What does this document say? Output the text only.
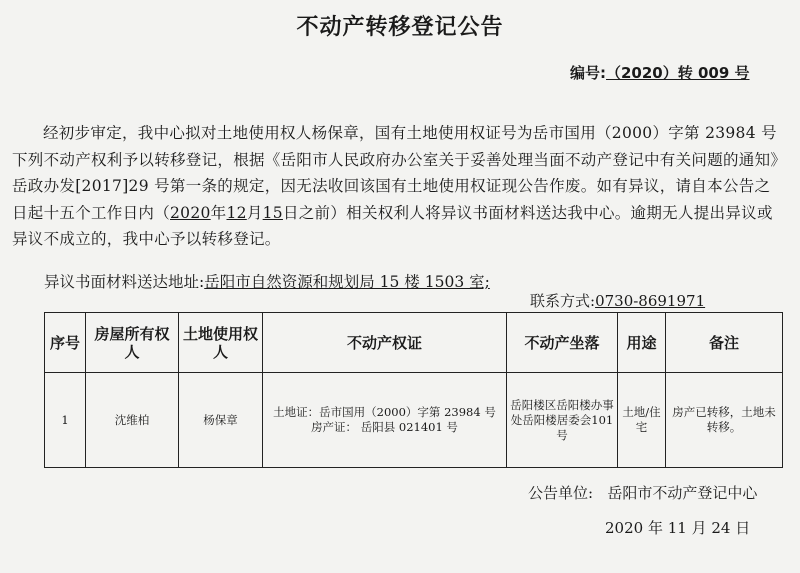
不动产转移登记公告
编号:（2020）转 009 号

经初步审定，我中心拟对土地使用权人杨保章，国有土地使用权证号为岳市国用（2000）字第 23984 号下列不动产权利予以转移登记，根据《岳阳市人民政府办公室关于妥善处理当面不动产登记中有关问题的通知》岳政办发[2017]29 号第一条的规定，因无法收回该国有土地使用权证现公告作废。如有异议，请自本公告之日起十五个工作日内（2020年12月15日之前）相关权利人将异议书面材料送达我中心。逾期无人提出异议或异议不成立的，我中心予以转移登记。

异议书面材料送达地址:岳阳市自然资源和规划局 15 楼 1503 室;
联系方式:0730-8691971
序号	房屋所有权人	土地使用权人	不动产权证	不动产坐落	用途	备注
1	沈维柏	杨保章	土地证：岳市国用（2000）字第 23984 号
房产证： 岳阳县 021401 号	岳阳楼区岳阳楼办事处岳阳楼居委会101号	土地/住宅	房产已转移，土地未转移。
公告单位: 岳阳市不动产登记中心
2020 年 11 月 24 日
